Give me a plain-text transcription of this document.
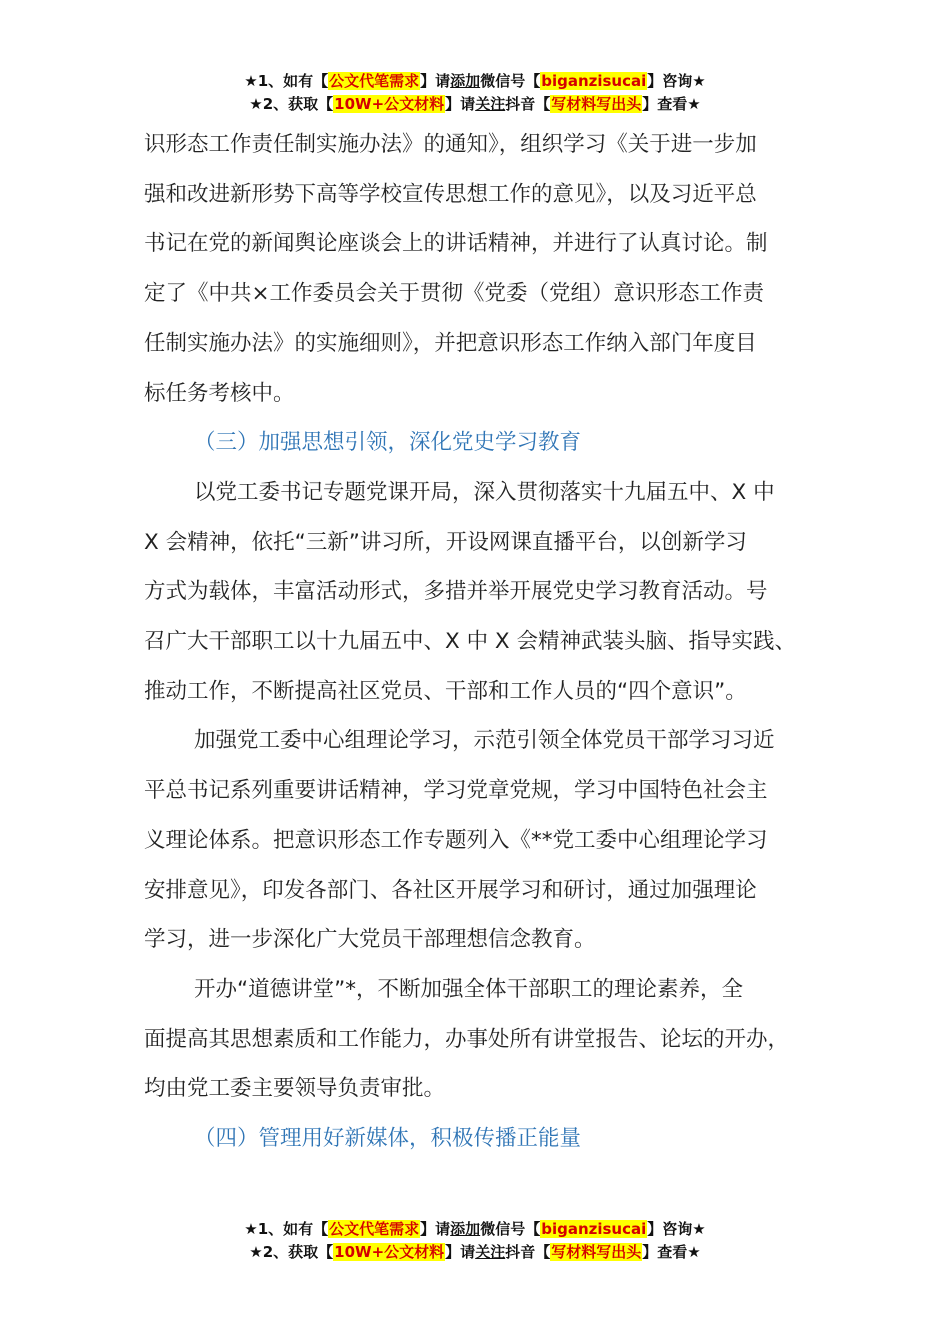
★1、如有【公文代笔需求】请添加微信号【biganzisucai】咨询★
★2、获取【10W+公文材料】请关注抖音【写材料写出头】查看★

识形态工作责任制实施办法》的通知》，组织学习《关于进一步加

强和改进新形势下高等学校宣传思想工作的意见》，以及习近平总

书记在党的新闻舆论座谈会上的讲话精神，并进行了认真讨论。制

定了《中共×工作委员会关于贯彻《党委（党组）意识形态工作责

任制实施办法》的实施细则》，并把意识形态工作纳入部门年度目

标任务考核中。

（三）加强思想引领，深化党史学习教育

以党工委书记专题党课开局，深入贯彻落实十九届五中、X 中

X 会精神，依托“三新”讲习所，开设网课直播平台，以创新学习

方式为载体，丰富活动形式，多措并举开展党史学习教育活动。号

召广大干部职工以十九届五中、X 中 X 会精神武装头脑、指导实践、

推动工作，不断提高社区党员、干部和工作人员的“四个意识”。

加强党工委中心组理论学习，示范引领全体党员干部学习习近

平总书记系列重要讲话精神，学习党章党规，学习中国特色社会主

义理论体系。把意识形态工作专题列入《**党工委中心组理论学习

安排意见》，印发各部门、各社区开展学习和研讨，通过加强理论

学习，进一步深化广大党员干部理想信念教育。

开办“道德讲堂”*，不断加强全体干部职工的理论素养，全

面提高其思想素质和工作能力，办事处所有讲堂报告、论坛的开办，

均由党工委主要领导负责审批。

（四）管理用好新媒体，积极传播正能量

★1、如有【公文代笔需求】请添加微信号【biganzisucai】咨询★
★2、获取【10W+公文材料】请关注抖音【写材料写出头】查看★
